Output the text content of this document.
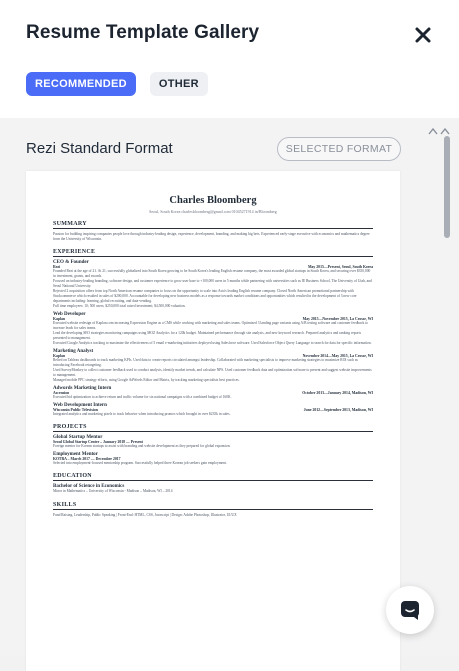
Resume Template Gallery
RECOMMENDED	OTHER
Rezi Standard Format	SELECTED FORMAT
Charles Bloomberg
Seoul, South Korea charlesbloomberg@gmail.com 01045271914 in/Bloomberg
SUMMARY
Passion for building inspiring companies people love through industry-leading design, experience, development, branding, and making big bets. Experienced early-stage executive with economics and mathematics degree from the University of Wisconsin.
EXPERIENCE
CEO & Founder
Rezi	May 2015—Present, Seoul, South Korea
Founded Rezi at the age of 21. At 21, successfully globalized into South Korea growing to be South Korea's leading English resume company, the most awarded global startups in South Korea, and securing over $350,000 in investment, grants, and awards.
Focused on industry-leading branding, software design, and customer experience to grow user base to +100,000 users in 5 months while partnering with universities such as IE Business School, The University of Utah, and Seoul National University.
Rejected 2 acquisition offers from top North American resume companies to focus on the opportunity to scale into Asia's leading English resume company. Closed North American promotional partnership with Stackcommerce which resulted in sales of $200,000. Accountable for developing new business models as a response towards market conditions and opportunities which resulted in the development of 3 new core departments including: learning, global recruiting, and data-vending.
Full time employees: 10; 500 users; $250,000 total raised investment; $4,500,000 valuation.
Web Developer
Kaplan	May 2015—November 2015, La Crosse, WI
Executed website redesign of Kaplan.com increasing Expression Engine as a CMS while working with marketing and sales teams. Optimized 3 landing page variants using A/B testing software and customer feedback to increase leads for sales teams.
Lead the developing SEO strategies monitoring campaigns using MOZ Analytics for a 120k budget. Maintained performance through site analysis, and new keyword research. Prepared analytics and ranking reports presented to management.
Executed Google Analytics tracking to maximize the effectiveness of 5 email e-marketing initiatives deployed using Salesforce software. Used Salesforce Object Query Language to search for data for specific information.
Marketing Analyst
Kaplan	November 2014—May 2015, La Crosse, WI
Relied on Tableau dashboards to track marketing KPIs. Used data to create reports circulated amongst leadership. Collaborated with marketing specialists to improve marketing strategies to maximize ROI such as introducing Facebook retargeting.
Used SurveyMonkey to collect customer feedback used to conduct analysis, identify market trends, and calculate NPS. Used customer feedback data and optimization software to present and suggest website improvements to management.
Managed mobile PPC strategy efforts, using Google AdWords Editor and Matrix, by tracking marketing specialists best practices.
Adwords Marketing Intern
Ascension	October 2013—January 2014, Madison, WI
Executed bid optimization to achieve return and traffic volume for six national campaigns with a combined budget of 160K.
Web Development Intern
Wisconsin Public Television	June 2012—September 2013, Madison, WI
Integrated analytics and marketing pixels to track behavior when introducing promos which brought in over $235k in sales.
PROJECTS
Global Startup Mentor
Seoul Global Startup Center – January 2018 — Present
Foreign mentor for Korean startups to assist with branding and website development as they prepared for global expansion.
Employment Mentor
KOTRA – March 2017 — December 2017
Selected into employment-focused mentorship program. Successfully helped three Korean job seekers gain employment.
EDUCATION
Bachelor of Science in Economics
Minor in Mathematics – University of Wisconsin - Madison – Madison, WI – 2014
SKILLS
Fund Raising, Leadership, Public Speaking | Front-End: HTML, CSS, Javascript | Design: Adobe Photoshop, Illustrator, UI/UX
